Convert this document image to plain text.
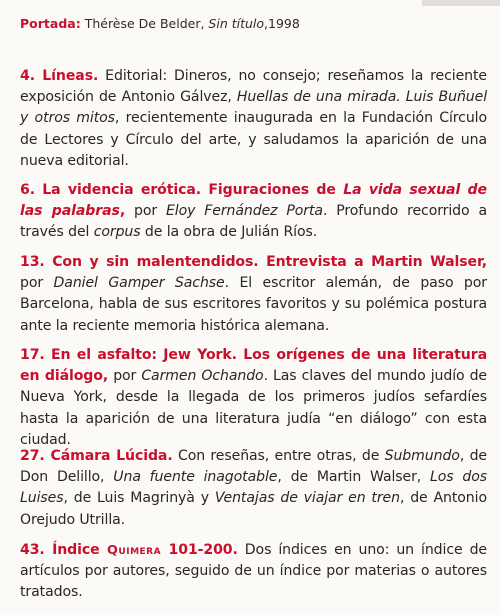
Portada: Thérèse De Belder, Sin título,1998

4. Líneas. Editorial: Dineros, no consejo; reseñamos la reciente exposición de Antonio Gálvez, Huellas de una mirada. Luis Buñuel y otros mitos, recientemente inaugurada en la Fundación Círculo de Lectores y Círculo del arte, y saludamos la aparición de una nueva editorial.

6. La videncia erótica. Figuraciones de La vida sexual de las palabras, por Eloy Fernández Porta. Profundo recorrido a través del corpus de la obra de Julián Ríos.

13. Con y sin malentendidos. Entrevista a Martin Walser, por Daniel Gamper Sachse. El escritor alemán, de paso por Barcelona, habla de sus escritores favoritos y su polémica postura ante la reciente memoria histórica alemana.

17. En el asfalto: Jew York. Los orígenes de una literatura en diálogo, por Carmen Ochando. Las claves del mundo judío de Nueva York, desde la llegada de los primeros judíos sefardíes hasta la aparición de una literatura judía “en diálogo” con esta ciudad.

27. Cámara Lúcida. Con reseñas, entre otras, de Submundo, de Don Delillo, Una fuente inagotable, de Martin Walser, Los dos Luises, de Luis Magrinyà y Ventajas de viajar en tren, de Antonio Orejudo Utrilla.

43. Índice Quimera 101-200. Dos índices en uno: un índice de artículos por autores, seguido de un índice por materias o autores tratados.
